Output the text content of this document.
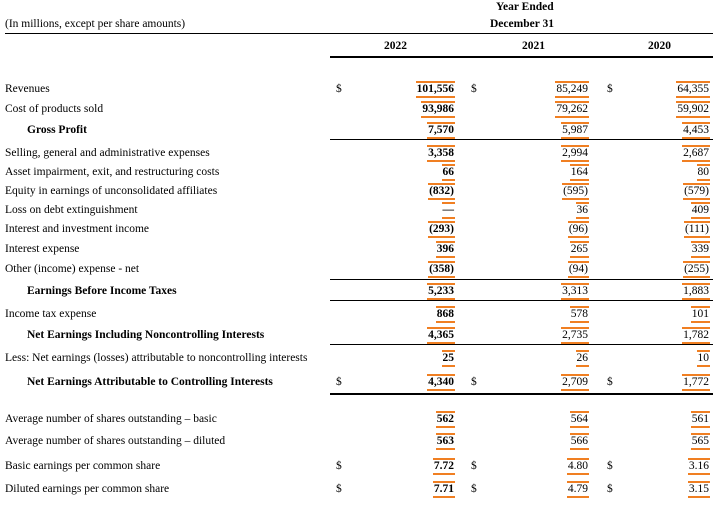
Year Ended
December 31
(In millions, except per share amounts)
2022	2021	2020
Revenues	$	101,556 $	85,249 $	64,355
Cost of products sold	93,986	79,262	59,902
Gross Profit	7,570	5,987	4,453
Selling, general and administrative expenses	3,358	2,994	2,687
Asset impairment, exit, and restructuring costs	66	164	80
Equity in earnings of unconsolidated affiliates	(832)	(595)	(579)
Loss on debt extinguishment	—	36	409
Interest and investment income	(293)	(96)	(111)
Interest expense	396	265	339
Other (income) expense - net	(358)	(94)	(255)
Earnings Before Income Taxes	5,233	3,313	1,883
Income tax expense	868	578	101
Net Earnings Including Noncontrolling Interests	4,365	2,735	1,782
Less: Net earnings (losses) attributable to noncontrolling interests	25	26	10
Net Earnings Attributable to Controlling Interests	$	4,340 $	2,709 $	1,772
Average number of shares outstanding – basic	562	564	561
Average number of shares outstanding – diluted	563	566	565
Basic earnings per common share	$	7.72 $	4.80 $	3.16
Diluted earnings per common share	$	7.71 $	4.79 $	3.15
